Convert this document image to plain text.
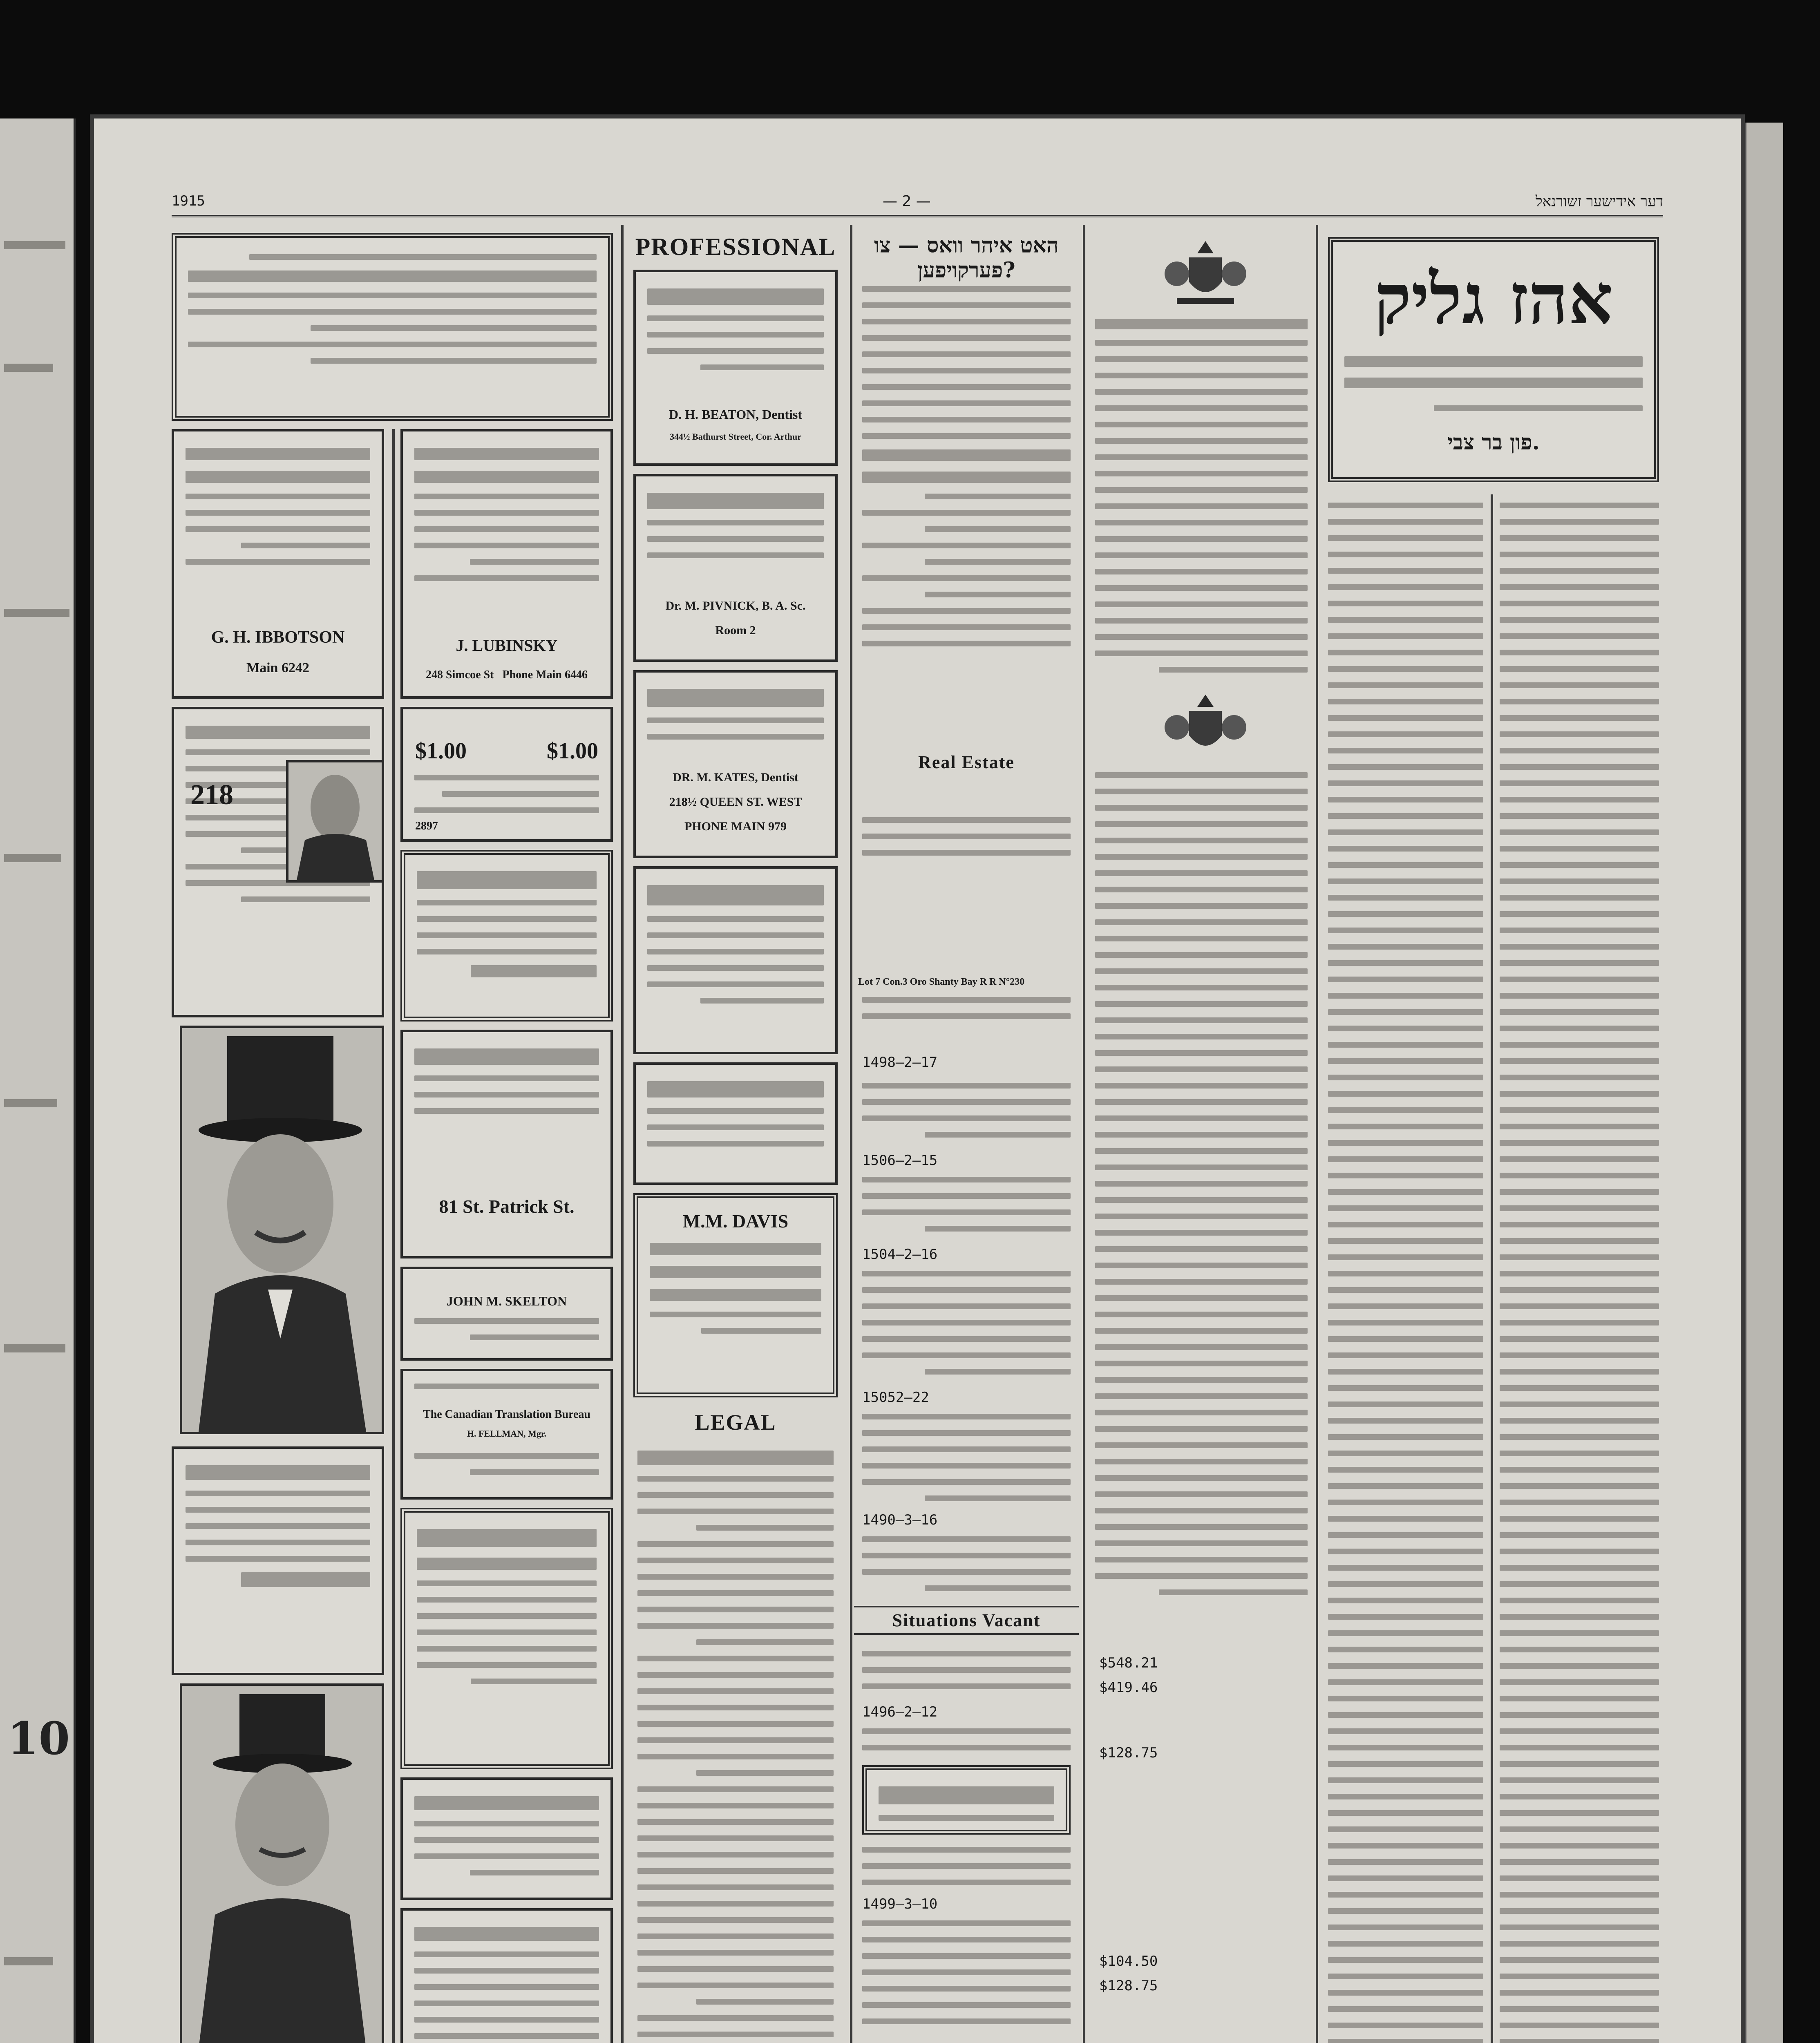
10
1915	— 2 —	דער אידישער זשורנאל
G. H. IBBOTSON
Main 6242
J. LUBINSKY
248 Simcoe St Phone Main 6446
218
$1.00	$1.00
2897
81 St. Patrick St.
JOHN M. SKELTON
The Canadian Translation Bureau
H. FELLMAN, Mgr.
PROFESSIONAL
D. H. BEATON, Dentist
344½ Bathurst Street, Cor. Arthur
Dr. M. PIVNICK, B. A. Sc.
Room 2
DR. M. KATES, Dentist
218½ QUEEN ST. WEST
PHONE MAIN 979
M.M. DAVIS
LEGAL
האט איהר וואס — צו פערקויפען?
Real Estate
Lot 7 Con.3 Oro Shanty Bay R R N°230
1498—2—17
1506—2—15
1504—2—16
15052—22
1490—3—16
Situations Vacant
1496—2—12
1499—3—10
$548.21
$419.46
$128.75
$104.50
$128.75
אהז גליק
פון בר צבי.
